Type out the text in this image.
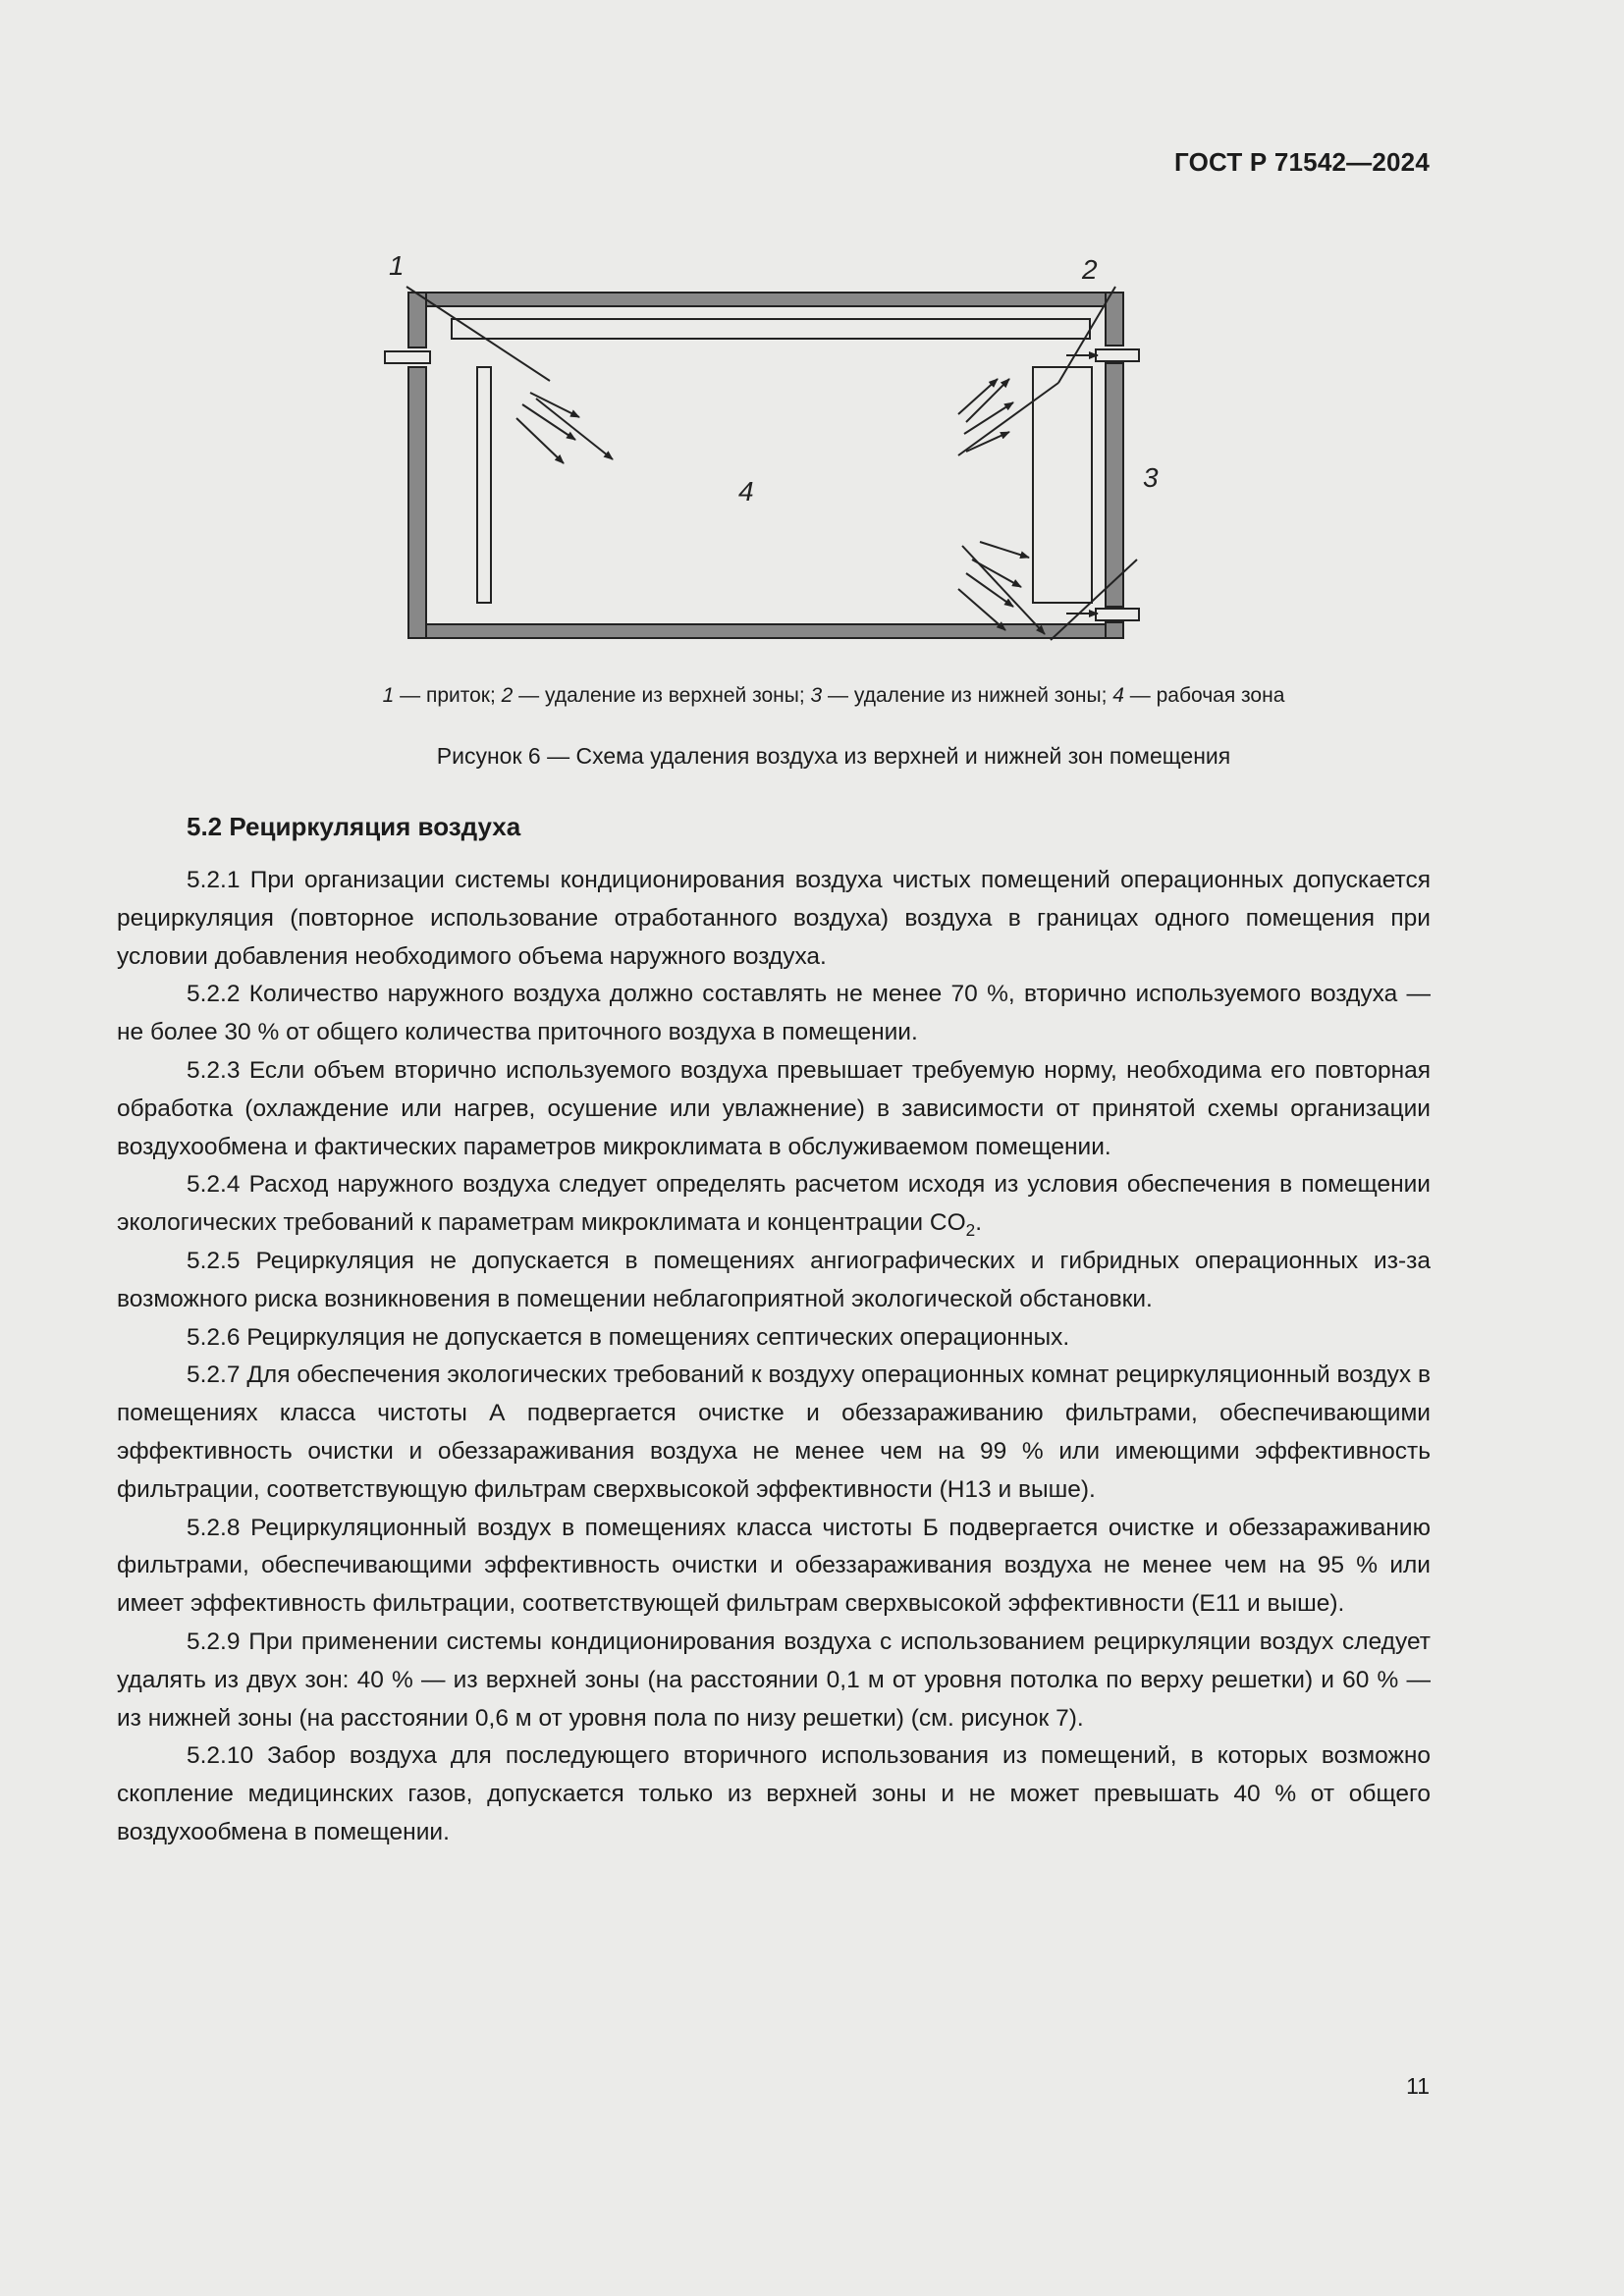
ГОСТ Р 71542—2024
1	2
3
4
1 — приток; 2 — удаление из верхней зоны; 3 — удаление из нижней зоны; 4 — рабочая зона
Рисунок 6 — Схема удаления воздуха из верхней и нижней зон помещения
5.2 Рециркуляция воздуха

5.2.1 При организации системы кондиционирования воздуха чистых помещений операционных допускается рециркуляция (повторное использование отработанного воздуха) воздуха в границах одного помещения при условии добавления необходимого объема наружного воздуха.

5.2.2 Количество наружного воздуха должно составлять не менее 70 %, вторично используемого воздуха — не более 30 % от общего количества приточного воздуха в помещении.

5.2.3 Если объем вторично используемого воздуха превышает требуемую норму, необходима его повторная обработка (охлаждение или нагрев, осушение или увлажнение) в зависимости от принятой схемы организации воздухообмена и фактических параметров микроклимата в обслуживаемом помещении.

5.2.4 Расход наружного воздуха следует определять расчетом исходя из условия обеспечения в помещении экологических требований к параметрам микроклимата и концентрации $CO_2$.

5.2.5 Рециркуляция не допускается в помещениях ангиографических и гибридных операционных из-за возможного риска возникновения в помещении неблагоприятной экологической обстановки.

5.2.6 Рециркуляция не допускается в помещениях септических операционных.

5.2.7 Для обеспечения экологических требований к воздуху операционных комнат рециркуляционный воздух в помещениях класса чистоты А подвергается очистке и обеззараживанию фильтрами, обеспечивающими эффективность очистки и обеззараживания воздуха не менее чем на 99 % или имеющими эффективность фильтрации, соответствующую фильтрам сверхвысокой эффективности (H13 и выше).

5.2.8 Рециркуляционный воздух в помещениях класса чистоты Б подвергается очистке и обеззараживанию фильтрами, обеспечивающими эффективность очистки и обеззараживания воздуха не менее чем на 95 % или имеет эффективность фильтрации, соответствующей фильтрам сверхвысокой эффективности (E11 и выше).

5.2.9 При применении системы кондиционирования воздуха с использованием рециркуляции воздух следует удалять из двух зон: 40 % — из верхней зоны (на расстоянии 0,1 м от уровня потолка по верху решетки) и 60 % — из нижней зоны (на расстоянии 0,6 м от уровня пола по низу решетки) (см. рисунок 7).

5.2.10 Забор воздуха для последующего вторичного использования из помещений, в которых возможно скопление медицинских газов, допускается только из верхней зоны и не может превышать 40 % от общего воздухообмена в помещении.

11
